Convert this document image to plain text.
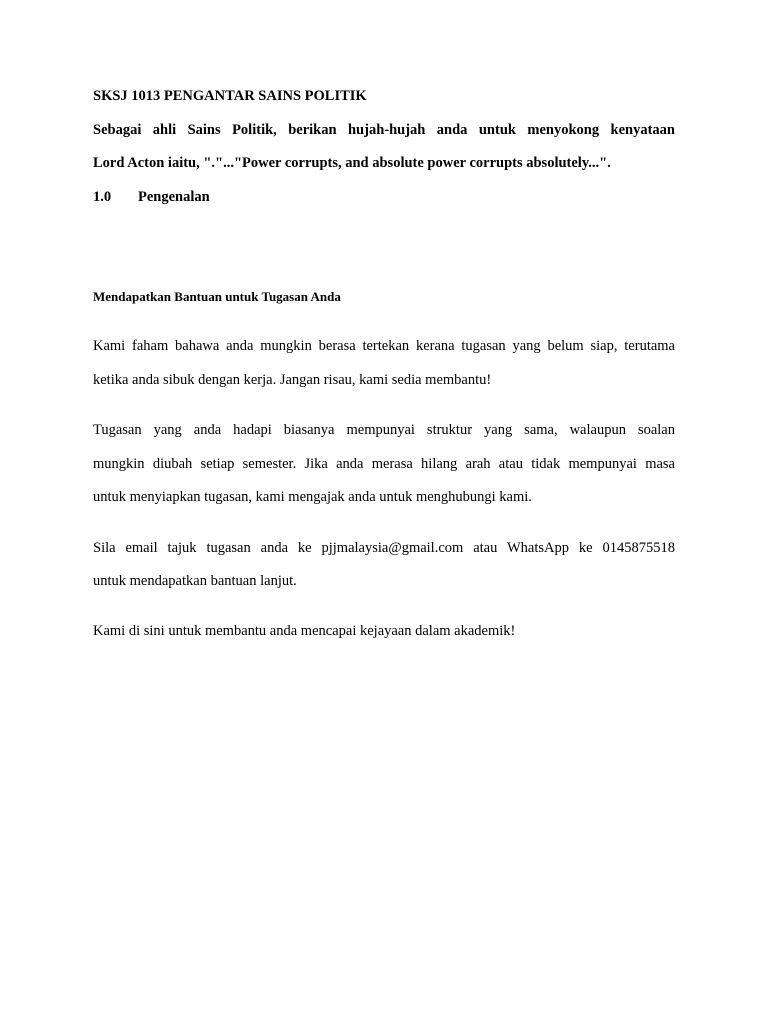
SKSJ 1013 PENGANTAR SAINS POLITIK
Sebagai ahli Sains Politik, berikan hujah-hujah anda untuk menyokong kenyataan
Lord Acton iaitu, "."..."Power corrupts, and absolute power corrupts absolutely...".
1.0 Pengenalan
Mendapatkan Bantuan untuk Tugasan Anda
Kami faham bahawa anda mungkin berasa tertekan kerana tugasan yang belum siap, terutama
ketika anda sibuk dengan kerja. Jangan risau, kami sedia membantu!
Tugasan yang anda hadapi biasanya mempunyai struktur yang sama, walaupun soalan
mungkin diubah setiap semester. Jika anda merasa hilang arah atau tidak mempunyai masa
untuk menyiapkan tugasan, kami mengajak anda untuk menghubungi kami.
Sila email tajuk tugasan anda ke pjjmalaysia@gmail.com atau WhatsApp ke 0145875518
untuk mendapatkan bantuan lanjut.
Kami di sini untuk membantu anda mencapai kejayaan dalam akademik!
